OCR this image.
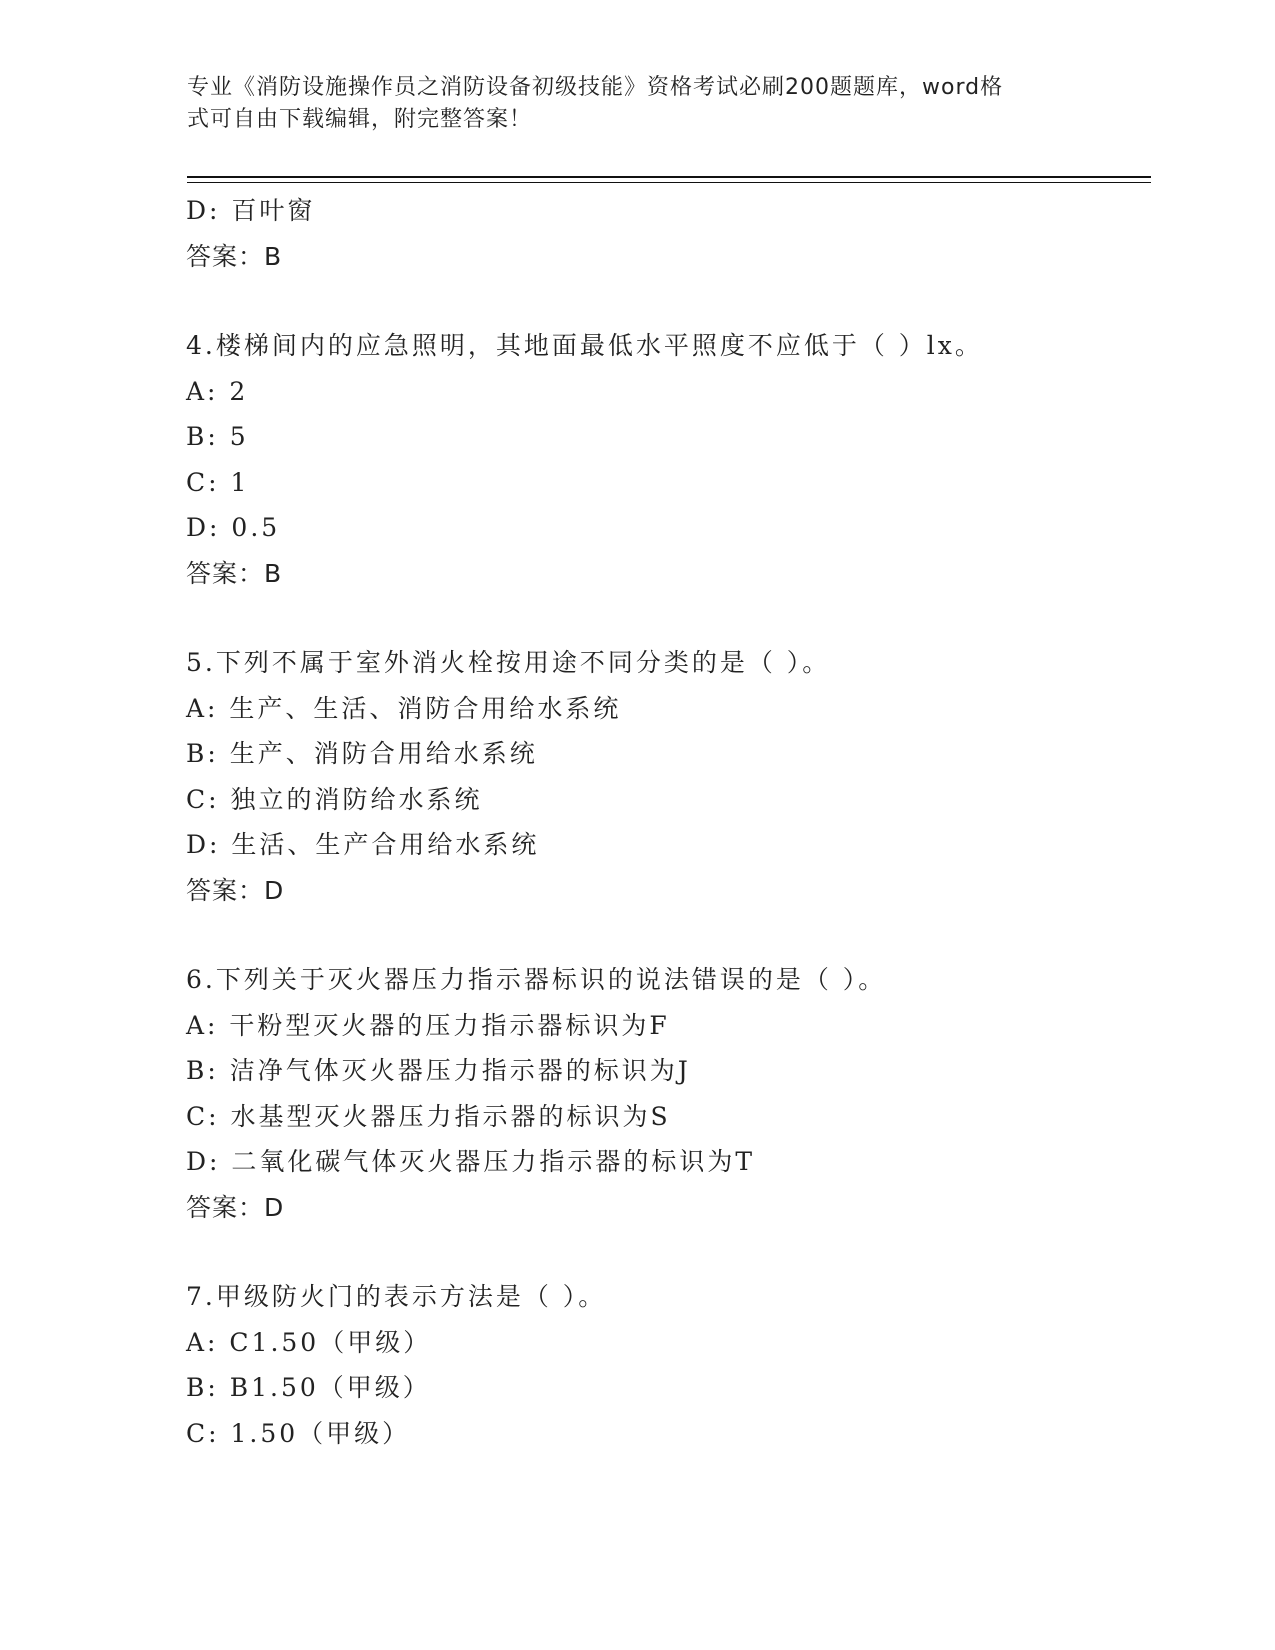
专业《消防设施操作员之消防设备初级技能》资格考试必刷200题题库，word格
式可自由下载编辑，附完整答案！
D: 百叶窗
答案：B
4.楼梯间内的应急照明，其地面最低水平照度不应低于（ ）lx。
A: 2
B: 5
C: 1
D: 0.5
答案：B
5.下列不属于室外消火栓按用途不同分类的是（ ）。
A: 生产、生活、消防合用给水系统
B: 生产、消防合用给水系统
C: 独立的消防给水系统
D: 生活、生产合用给水系统
答案：D
6.下列关于灭火器压力指示器标识的说法错误的是（ ）。
A: 干粉型灭火器的压力指示器标识为F
B: 洁净气体灭火器压力指示器的标识为J
C: 水基型灭火器压力指示器的标识为S
D: 二氧化碳气体灭火器压力指示器的标识为T
答案：D
7.甲级防火门的表示方法是（ ）。
A: C1.50（甲级）
B: B1.50（甲级）
C: 1.50（甲级）
